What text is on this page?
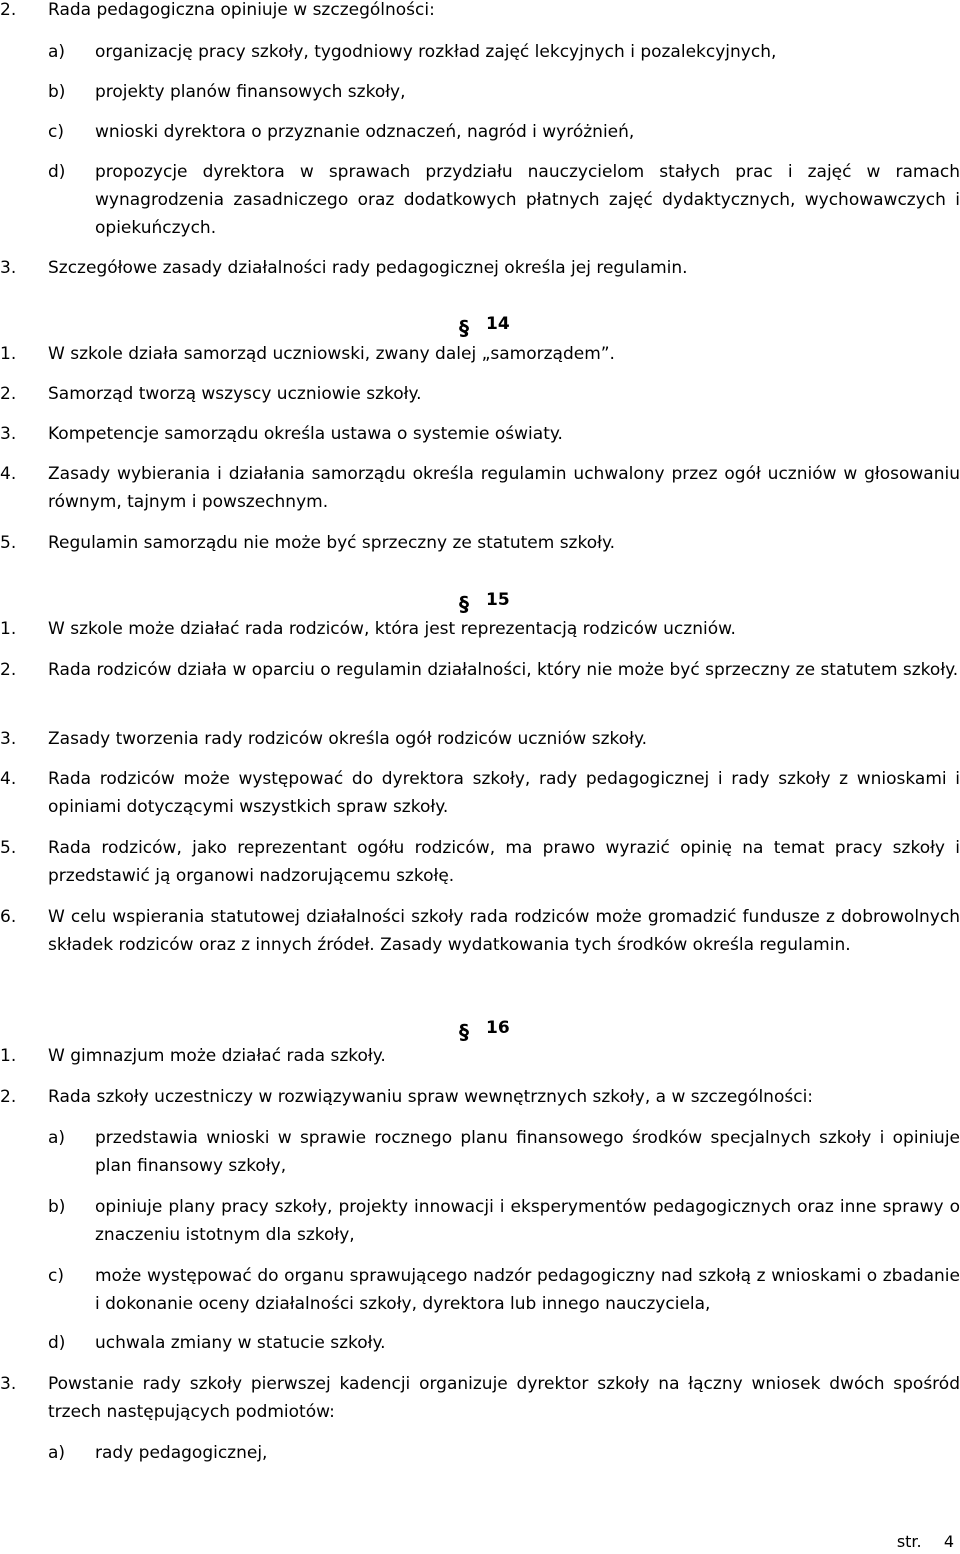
2. Rada pedagogiczna opiniuje w szczególności:
a) organizację pracy szkoły, tygodniowy rozkład zajęć lekcyjnych i pozalekcyjnych,
b) projekty planów finansowych szkoły,
c) wnioski dyrektora o przyznanie odznaczeń, nagród i wyróżnień,
d) propozycje dyrektora w sprawach przydziału nauczycielom stałych prac i zajęć w ramach wynagrodzenia zasadniczego oraz dodatkowych płatnych zajęć dydaktycznych, wychowawczych i opiekuńczych.
3. Szczegółowe zasady działalności rady pedagogicznej określa jej regulamin.
§ 14
1. W szkole działa samorząd uczniowski, zwany dalej „samorządem”.
2. Samorząd tworzą wszyscy uczniowie szkoły.
3. Kompetencje samorządu określa ustawa o systemie oświaty.
4. Zasady wybierania i działania samorządu określa regulamin uchwalony przez ogół uczniów w głosowaniu równym, tajnym i powszechnym.
5. Regulamin samorządu nie może być sprzeczny ze statutem szkoły.
§ 15
1. W szkole może działać rada rodziców, która jest reprezentacją rodziców uczniów.
2. Rada rodziców działa w oparciu o regulamin działalności, który nie może być sprzeczny ze statutem szkoły.
3. Zasady tworzenia rady rodziców określa ogół rodziców uczniów szkoły.
4. Rada rodziców może występować do dyrektora szkoły, rady pedagogicznej i rady szkoły z wnioskami i opiniami dotyczącymi wszystkich spraw szkoły.
5. Rada rodziców, jako reprezentant ogółu rodziców, ma prawo wyrazić opinię na temat pracy szkoły i przedstawić ją organowi nadzorującemu szkołę.
6. W celu wspierania statutowej działalności szkoły rada rodziców może gromadzić fundusze z dobrowolnych składek rodziców oraz z innych źródeł. Zasady wydatkowania tych środków określa regulamin.
§ 16
1. W gimnazjum może działać rada szkoły.
2. Rada szkoły uczestniczy w rozwiązywaniu spraw wewnętrznych szkoły, a w szczególności:
a) przedstawia wnioski w sprawie rocznego planu finansowego środków specjalnych szkoły i opiniuje plan finansowy szkoły,
b) opiniuje plany pracy szkoły, projekty innowacji i eksperymentów pedagogicznych oraz inne sprawy o znaczeniu istotnym dla szkoły,
c) może występować do organu sprawującego nadzór pedagogiczny nad szkołą z wnioskami o zbadanie i dokonanie oceny działalności szkoły, dyrektora lub innego nauczyciela,
d) uchwala zmiany w statucie szkoły.
3. Powstanie rady szkoły pierwszej kadencji organizuje dyrektor szkoły na łączny wniosek dwóch spośród trzech następujących podmiotów:
a) rady pedagogicznej,
str. 4
